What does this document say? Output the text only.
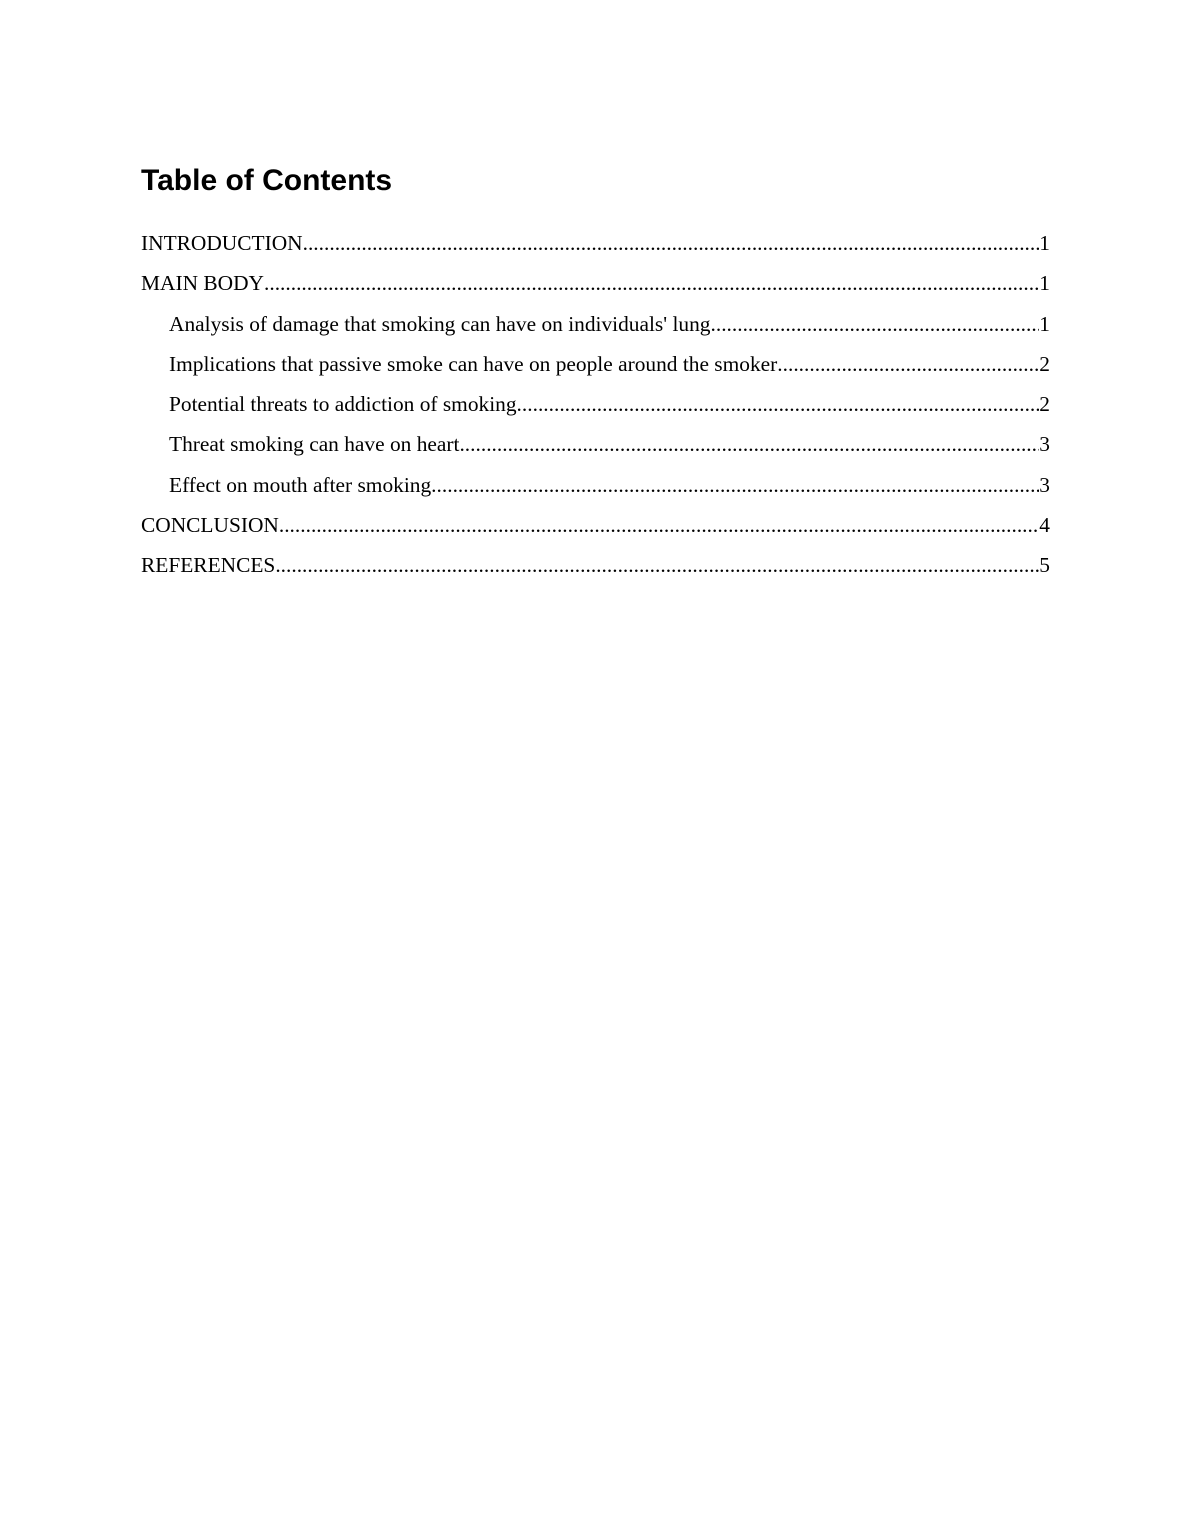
Table of Contents
INTRODUCTION .....	1
MAIN BODY .....	1
Analysis of damage that smoking can have on individuals' lung .....	1
Implications that passive smoke can have on people around the smoker .....	2
Potential threats to addiction of smoking .....	2
Threat smoking can have on heart .....	3
Effect on mouth after smoking .....	3
CONCLUSION .....	4
REFERENCES .....	5
